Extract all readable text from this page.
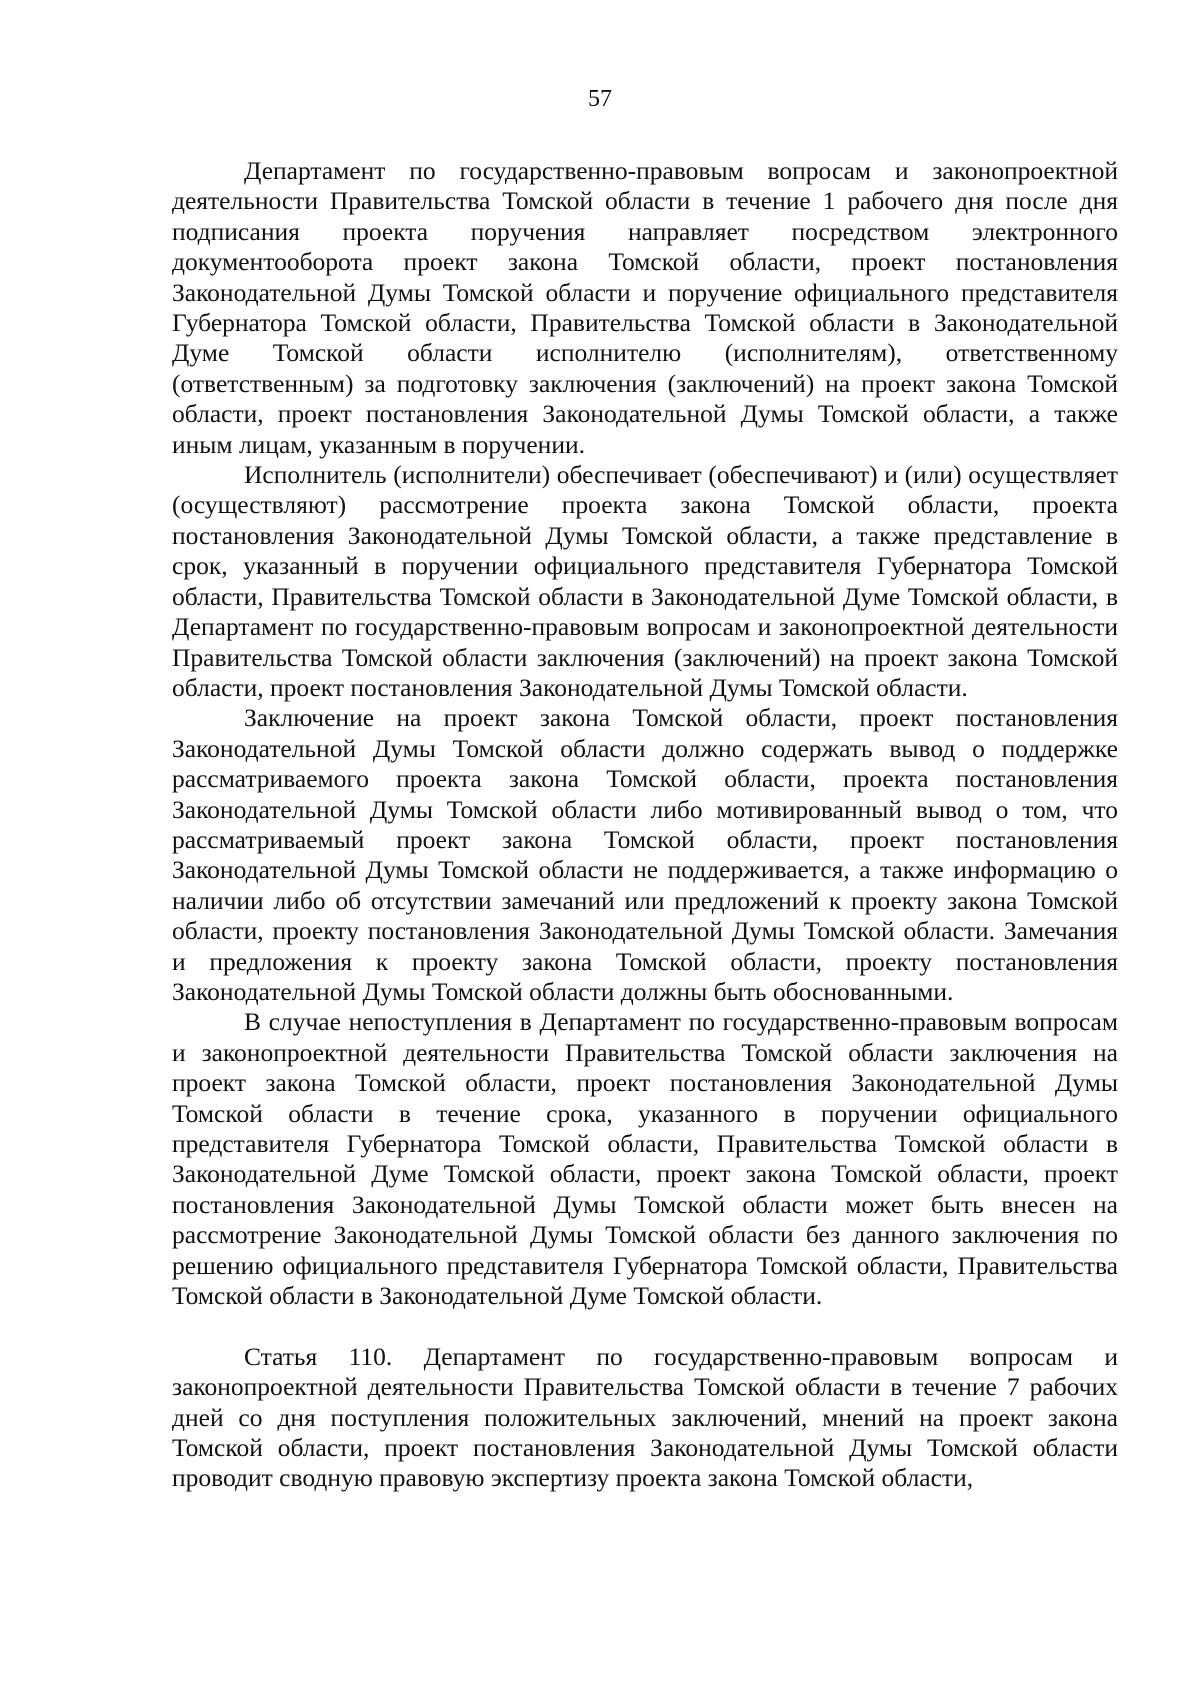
57

Департамент по государственно-правовым вопросам и законопроектной деятельности Правительства Томской области в течение 1 рабочего дня после дня подписания проекта поручения направляет посредством электронного документооборота проект закона Томской области, проект постановления Законодательной Думы Томской области и поручение официального представителя Губернатора Томской области, Правительства Томской области в Законодательной Думе Томской области исполнителю (исполнителям), ответственному (ответственным) за подготовку заключения (заключений) на проект закона Томской области, проект постановления Законодательной Думы Томской области, а также иным лицам, указанным в поручении.

Исполнитель (исполнители) обеспечивает (обеспечивают) и (или) осуществляет (осуществляют) рассмотрение проекта закона Томской области, проекта постановления Законодательной Думы Томской области, а также представление в срок, указанный в поручении официального представителя Губернатора Томской области, Правительства Томской области в Законодательной Думе Томской области, в Департамент по государственно-правовым вопросам и законопроектной деятельности Правительства Томской области заключения (заключений) на проект закона Томской области, проект постановления Законодательной Думы Томской области.

Заключение на проект закона Томской области, проект постановления Законодательной Думы Томской области должно содержать вывод о поддержке рассматриваемого проекта закона Томской области, проекта постановления Законодательной Думы Томской области либо мотивированный вывод о том, что рассматриваемый проект закона Томской области, проект постановления Законодательной Думы Томской области не поддерживается, а также информацию о наличии либо об отсутствии замечаний или предложений к проекту закона Томской области, проекту постановления Законодательной Думы Томской области. Замечания и предложения к проекту закона Томской области, проекту постановления Законодательной Думы Томской области должны быть обоснованными.

В случае непоступления в Департамент по государственно-правовым вопросам и законопроектной деятельности Правительства Томской области заключения на проект закона Томской области, проект постановления Законодательной Думы Томской области в течение срока, указанного в поручении официального представителя Губернатора Томской области, Правительства Томской области в Законодательной Думе Томской области, проект закона Томской области, проект постановления Законодательной Думы Томской области может быть внесен на рассмотрение Законодательной Думы Томской области без данного заключения по решению официального представителя Губернатора Томской области, Правительства Томской области в Законодательной Думе Томской области.

Статья 110. Департамент по государственно-правовым вопросам и законопроектной деятельности Правительства Томской области в течение 7 рабочих дней со дня поступления положительных заключений, мнений на проект закона Томской области, проект постановления Законодательной Думы Томской области проводит сводную правовую экспертизу проекта закона Томской области,
